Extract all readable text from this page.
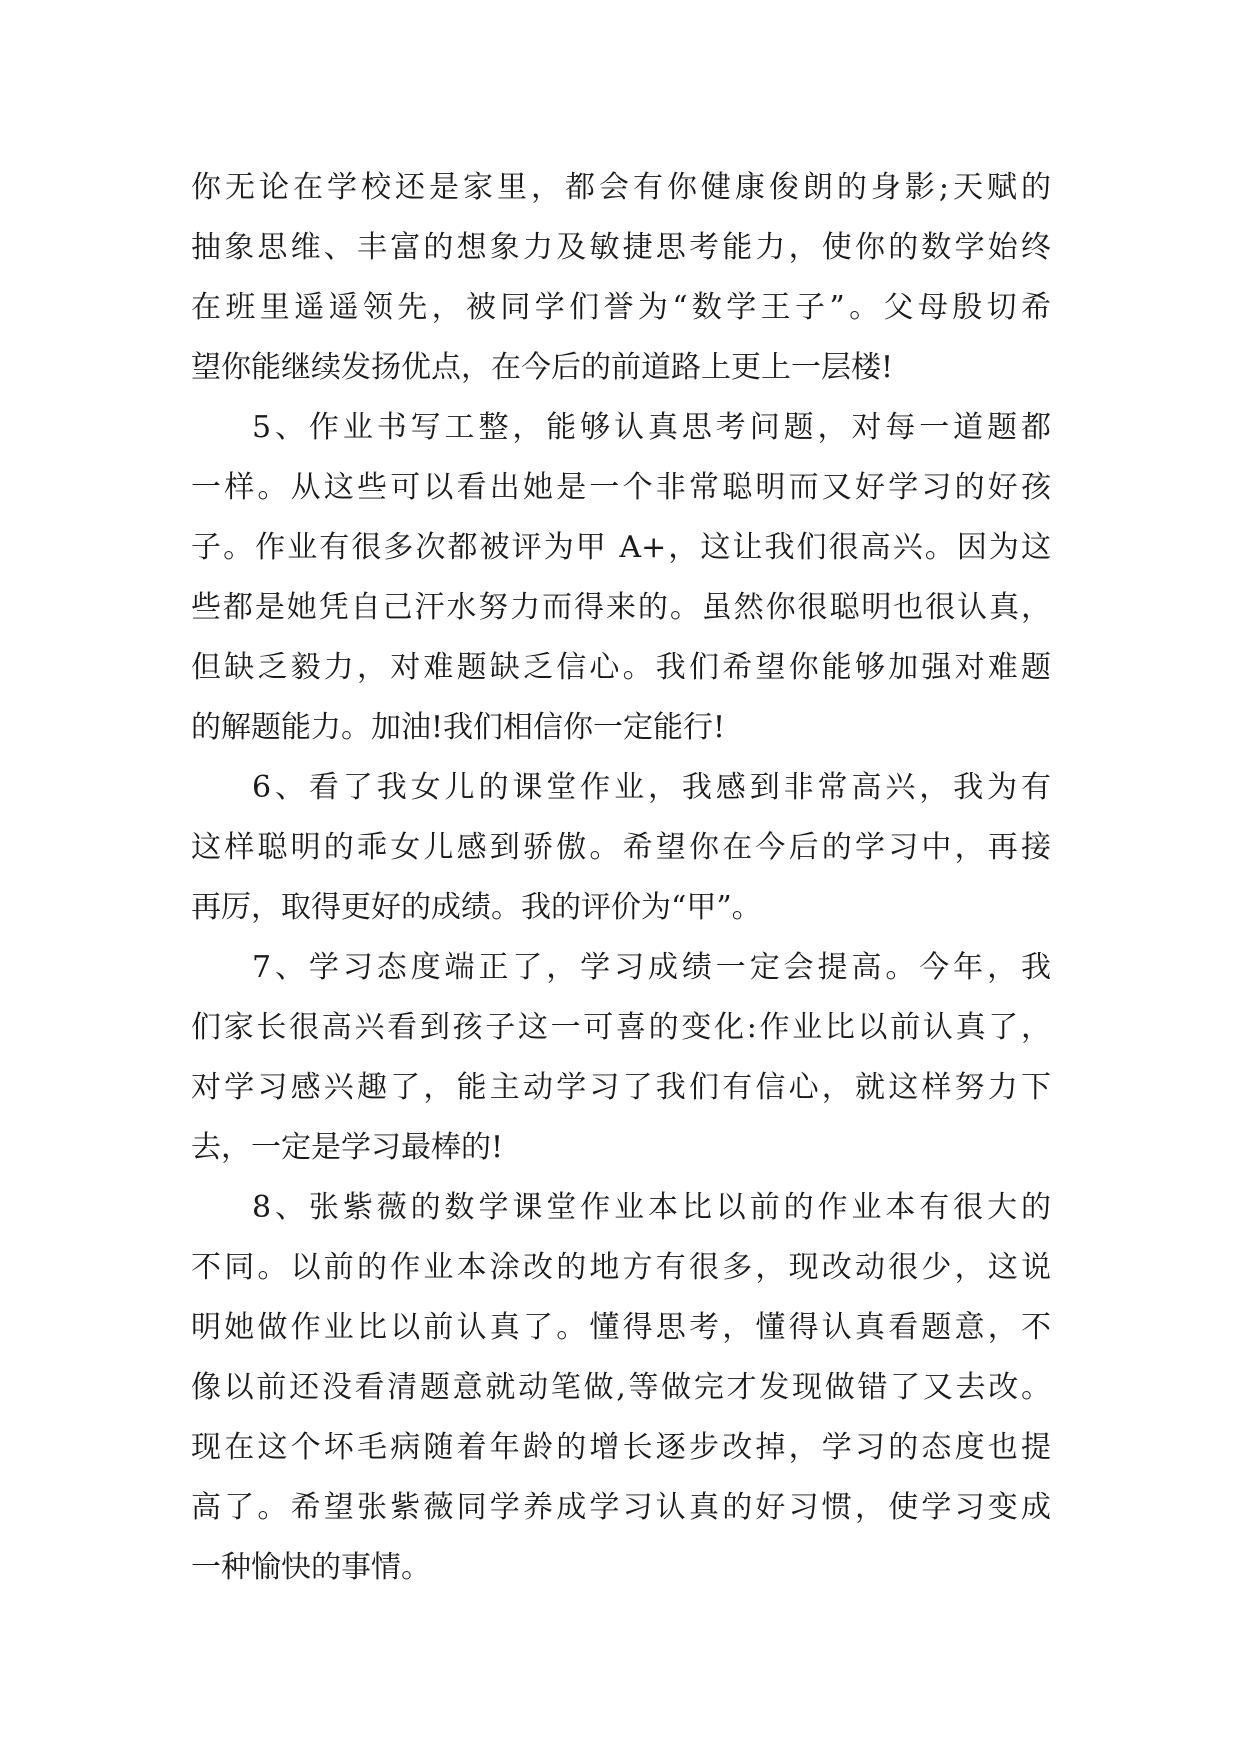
你无论在学校还是家里，都会有你健康俊朗的身影;天赋的
抽象思维、丰富的想象力及敏捷思考能力，使你的数学始终
在班里遥遥领先，被同学们誉为“数学王子”。父母殷切希
望你能继续发扬优点，在今后的前道路上更上一层楼!
5、作业书写工整，能够认真思考问题，对每一道题都
一样。从这些可以看出她是一个非常聪明而又好学习的好孩
子。作业有很多次都被评为甲 A+，这让我们很高兴。因为这
些都是她凭自己汗水努力而得来的。虽然你很聪明也很认真，
但缺乏毅力，对难题缺乏信心。我们希望你能够加强对难题
的解题能力。加油!我们相信你一定能行!
6、看了我女儿的课堂作业，我感到非常高兴，我为有
这样聪明的乖女儿感到骄傲。希望你在今后的学习中，再接
再厉，取得更好的成绩。我的评价为“甲”。
7、学习态度端正了，学习成绩一定会提高。今年，我
们家长很高兴看到孩子这一可喜的变化:作业比以前认真了，
对学习感兴趣了，能主动学习了我们有信心，就这样努力下
去，一定是学习最棒的!
8、张紫薇的数学课堂作业本比以前的作业本有很大的
不同。以前的作业本涂改的地方有很多，现改动很少，这说
明她做作业比以前认真了。懂得思考，懂得认真看题意，不
像以前还没看清题意就动笔做,等做完才发现做错了又去改。
现在这个坏毛病随着年龄的增长逐步改掉，学习的态度也提
高了。希望张紫薇同学养成学习认真的好习惯，使学习变成
一种愉快的事情。
